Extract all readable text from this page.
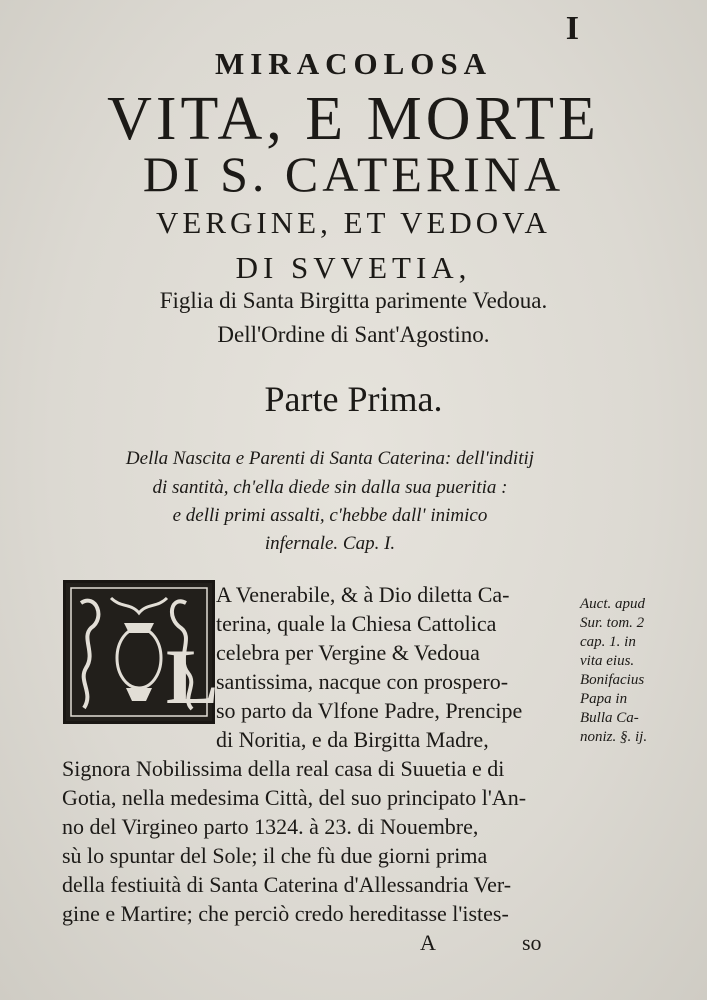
I
MIRACOLOSA
VITA, E MORTE
DI S. CATERINA
VERGINE, ET VEDOVA
DI SVVETIA,
Figlia di Santa Birgitta parimente Vedoua.
Dell'Ordine di Sant'Agostino.
Parte Prima.
Della Nascita e Parenti di Santa Caterina: dell'inditij
di santità, ch'ella diede sin dalla sua pueritia :
e delli primi assalti, c'hebbe dall' inimico
infernale. Cap. I.
L
A Venerabile, & à Dio diletta Ca-
terina, quale la Chiesa Cattolica
celebra per Vergine & Vedoua
santissima, nacque con prospero-
so parto da Vlfone Padre, Prencipe
di Noritia, e da Birgitta Madre,
Signora Nobilissima della real casa di Suuetia e di
Gotia, nella medesima Città, del suo principato l'An-
no del Virgineo parto 1324. à 23. di Nouembre,
sù lo spuntar del Sole; il che fù due giorni prima
della festiuità di Santa Caterina d'Allessandria Ver-
gine e Martire; che perciò credo hereditasse l'istes-
Auct. apud
Sur. tom. 2
cap. 1. in
vita eius.
Bonifacius
Papa in
Bulla Ca-
noniz. §. ij.
A	so
